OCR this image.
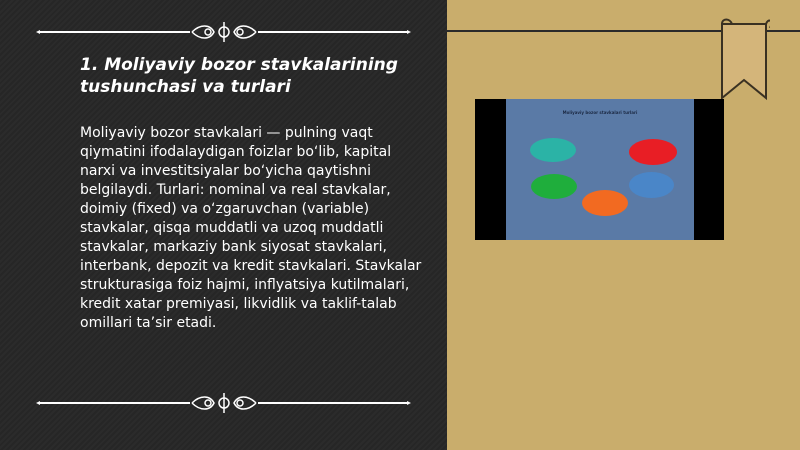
1. Moliyaviy bozor stavkalarining tushunchasi va turlari

Moliyaviy bozor stavkalari — pulning vaqt qiymatini ifodalaydigan foizlar bo‘lib, kapital narxi va investitsiyalar bo‘yicha qaytishni belgilaydi. Turlari: nominal va real stavkalar, doimiy (fixed) va o‘zgaruvchan (variable) stavkalar, qisqa muddatli va uzoq muddatli stavkalar, markaziy bank siyosat stavkalari, interbank, depozit va kredit stavkalari. Stavkalar strukturasiga foiz hajmi, inflyatsiya kutilmalari, kredit xatar premiyasi, likvidlik va taklif-talab omillari ta’sir etadi.

Moliyaviy bozor stavkalari turlari
